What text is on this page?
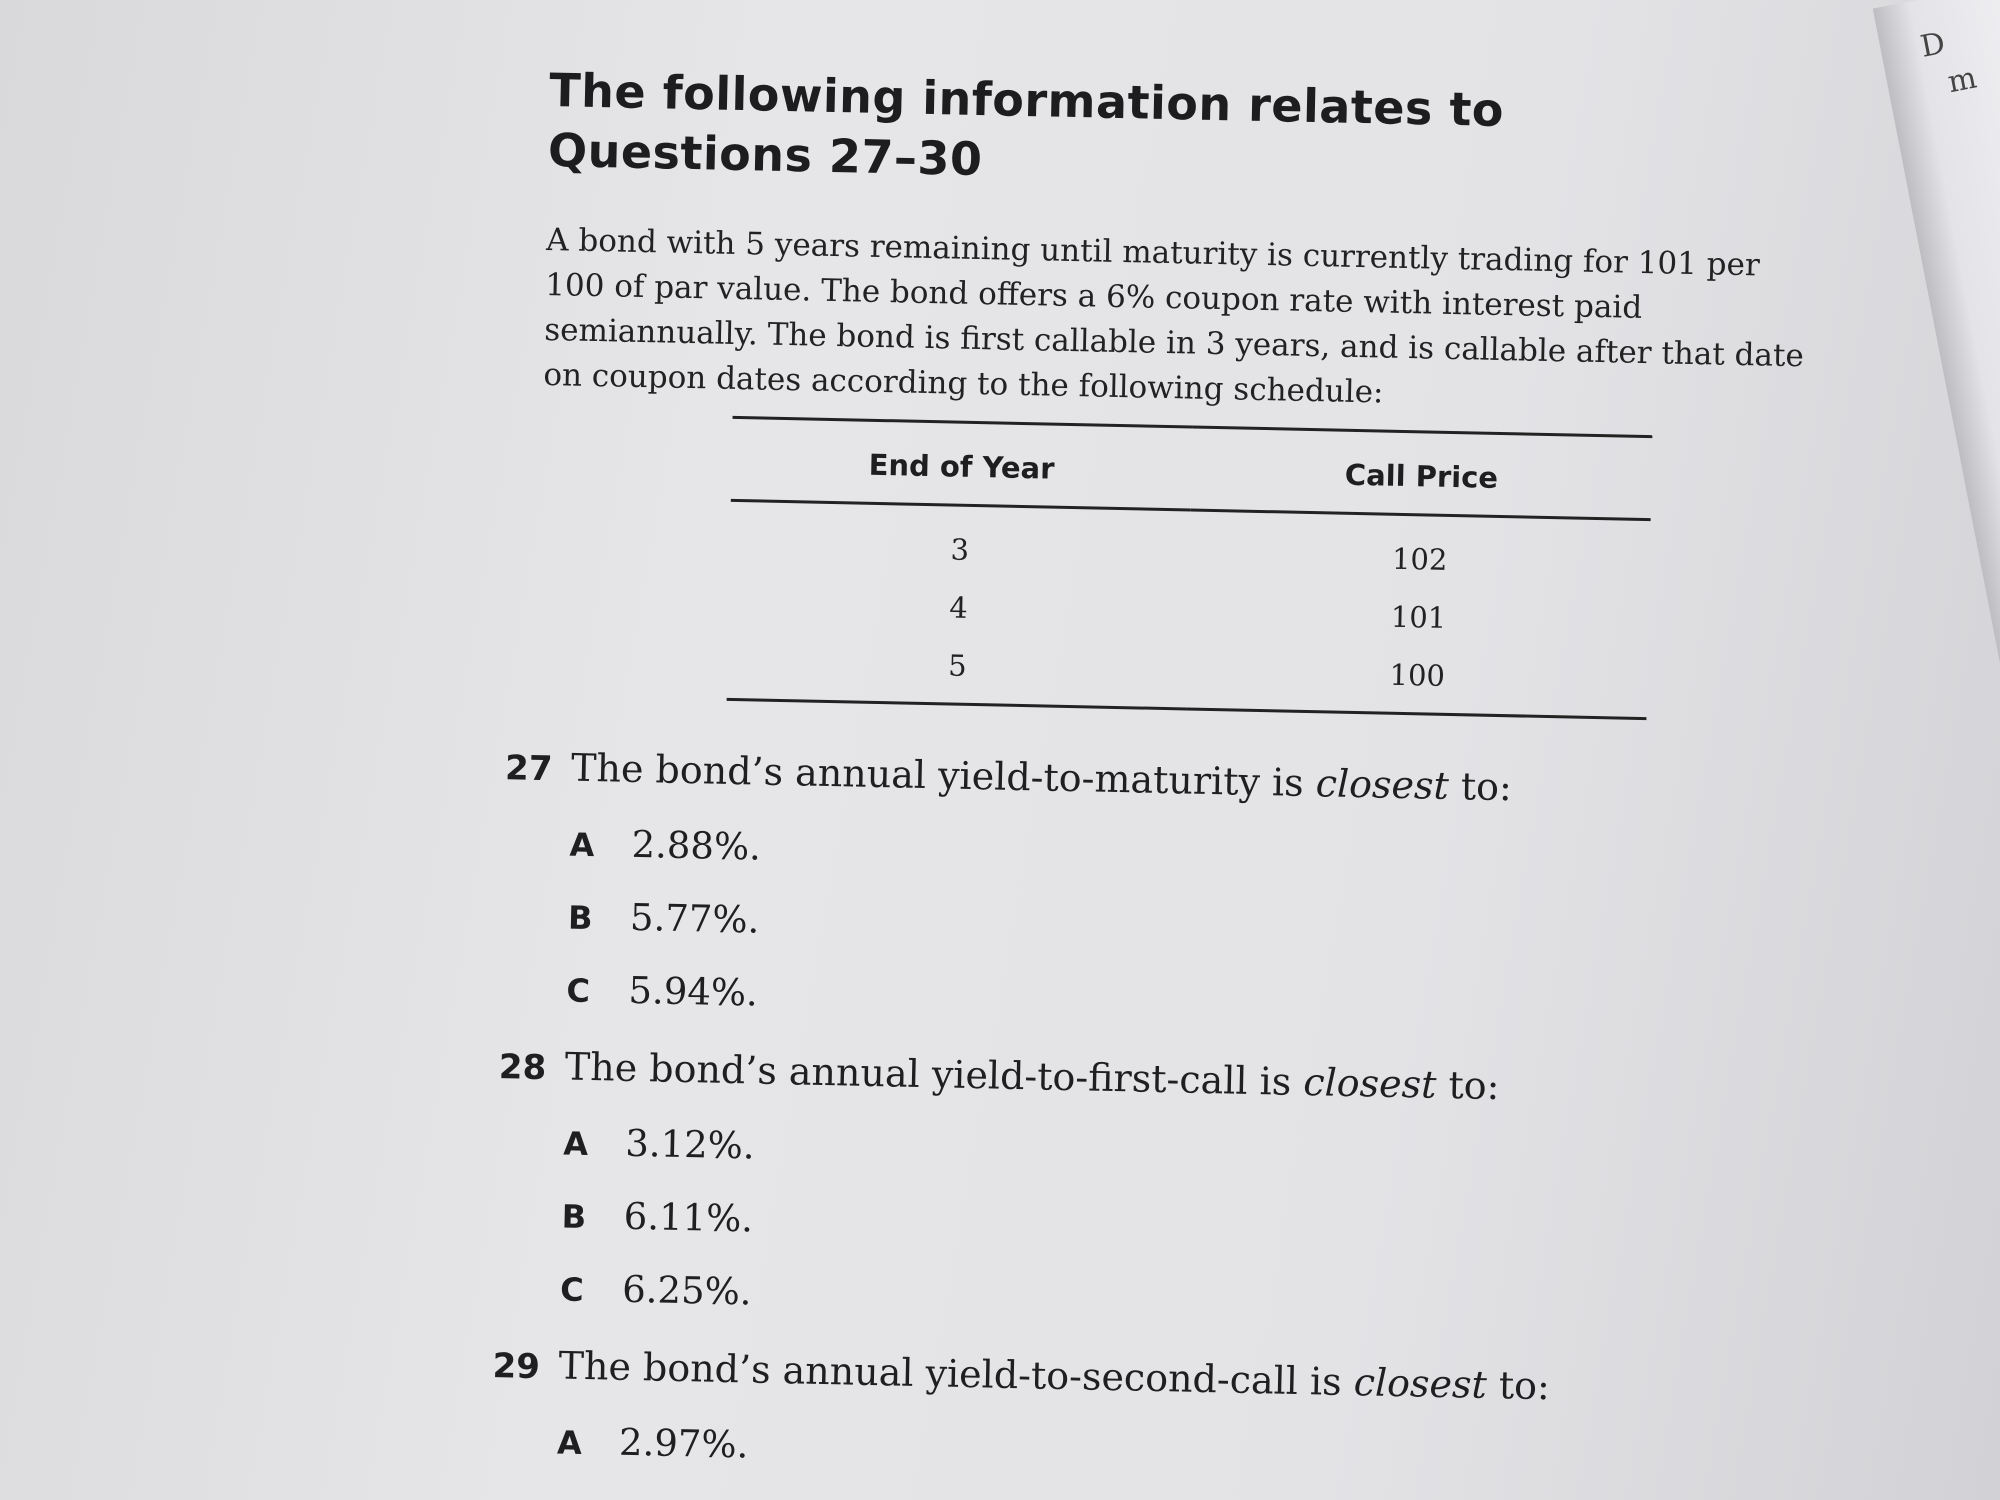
D
m
The following information relates to Questions 27–30

A bond with 5 years remaining until maturity is currently trading for 101 per 100 of par value. The bond offers a 6% coupon rate with interest paid semiannually. The bond is first callable in 3 years, and is callable after that date on coupon dates according to the following schedule:

End of Year	Call Price
3	102
4	101
5	100
27 The bond’s annual yield-to-maturity is closest to:
A 2.88%.
B 5.77%.
C	5.94%.
28 The bond’s annual yield-to-first-call is closest to:
A 3.12%.
B 6.11%.
C	6.25%.
29 The bond’s annual yield-to-second-call is closest to:
A 2.97%.
